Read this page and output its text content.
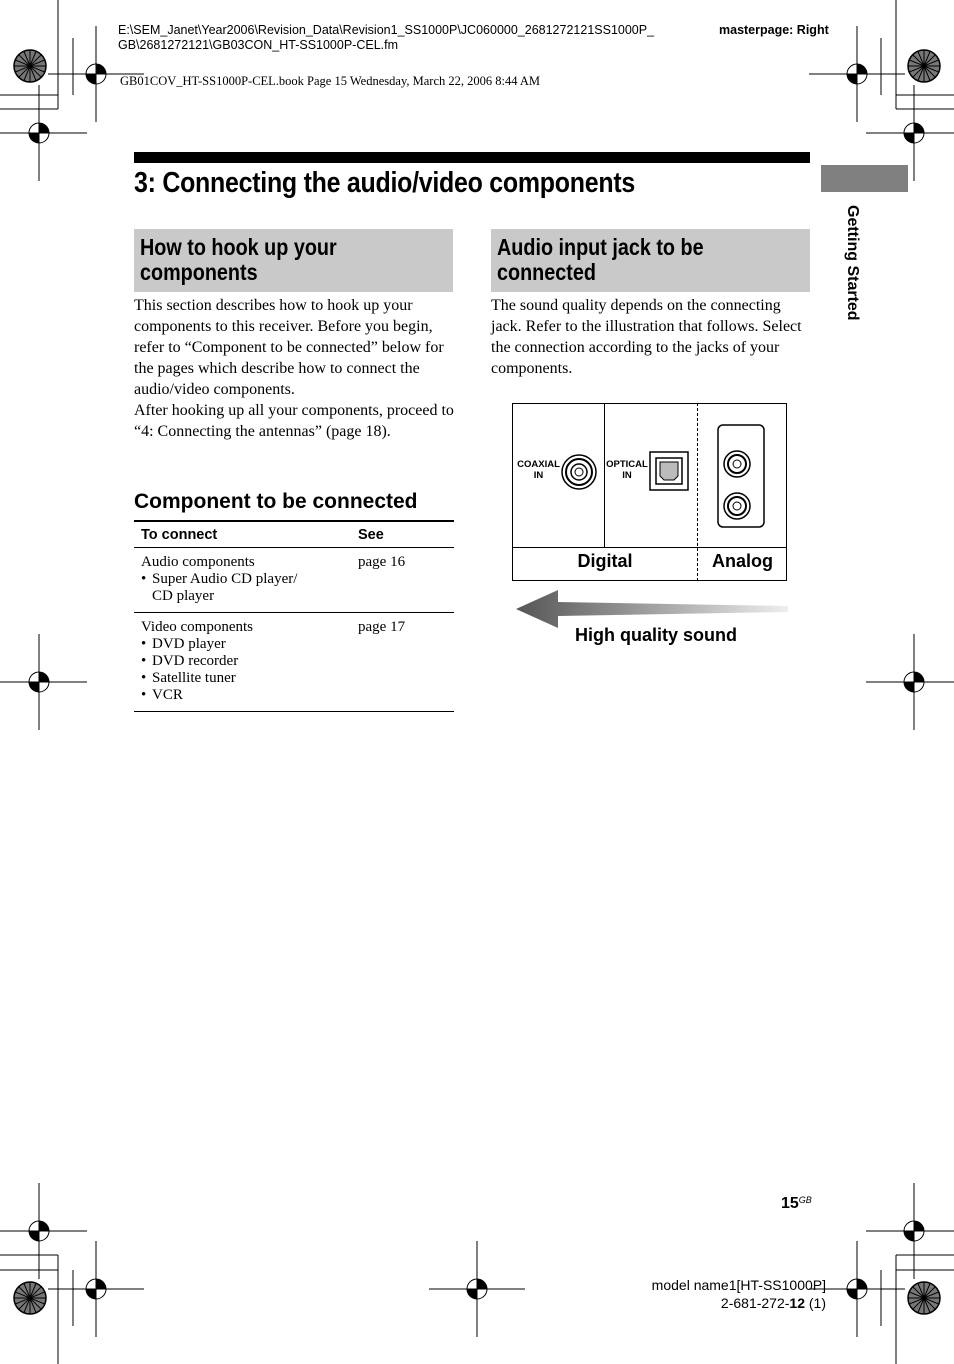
E:\SEM_Janet\Year2006\Revision_Data\Revision1_SS1000P\JC060000_2681272121SS1000P_
GB\2681272121\GB03CON_HT-SS1000P-CEL.fm
masterpage: Right
GB01COV_HT-SS1000P-CEL.book Page 15 Wednesday, March 22, 2006 8:44 AM
3: Connecting the audio/video components
Getting Started
How to hook up your components
This section describes how to hook up your components to this receiver. Before you begin, refer to “Component to be connected” below for the pages which describe how to connect the audio/video components.
After hooking up all your components, proceed to “4: Connecting the antennas” (page 18).
Component to be connected
To connect	See

Audio components
• Super Audio CD player/
CD player	page 16

Video components
• DVD player
• DVD recorder
• Satellite tuner
• VCR	page 17
Audio input jack to be connected
The sound quality depends on the connecting jack. Refer to the illustration that follows. Select the connection according to the jacks of your components.
COAXIAL
IN
OPTICAL
IN
Digital	Analog
High quality sound
$15^{GB}$
model name1[HT-SS1000P]
2-681-272-12 (1)
